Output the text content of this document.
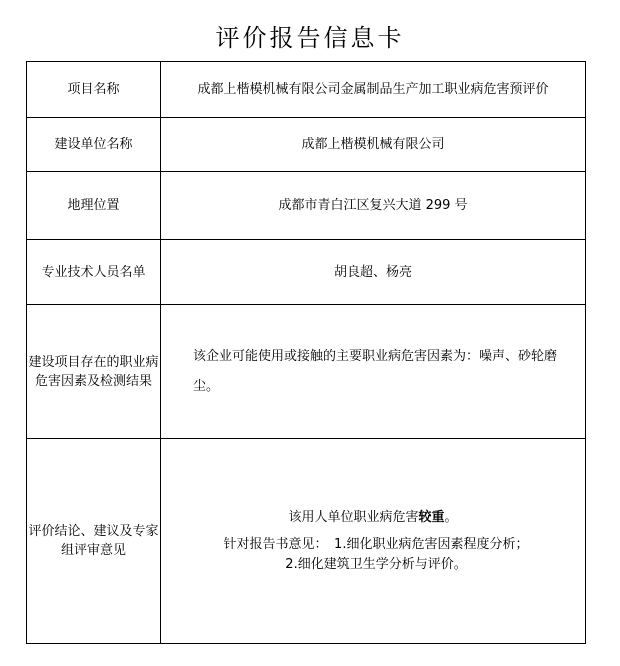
评价报告信息卡
项目名称	成都上楷模机械有限公司金属制品生产加工职业病危害预评价
建设单位名称	成都上楷模机械有限公司
地理位置	成都市青白江区复兴大道 299 号
专业技术人员名单	胡良超、杨亮
建设项目存在的职业病危害因素及检测结果	该企业可能使用或接触的主要职业病危害因素为：噪声、砂轮磨尘。

评价结论、建议及专家组评审意见	该用人单位职业病危害较重。
针对报告书意见：　1.细化职业病危害因素程度分析；
2.细化建筑卫生学分析与评价。
